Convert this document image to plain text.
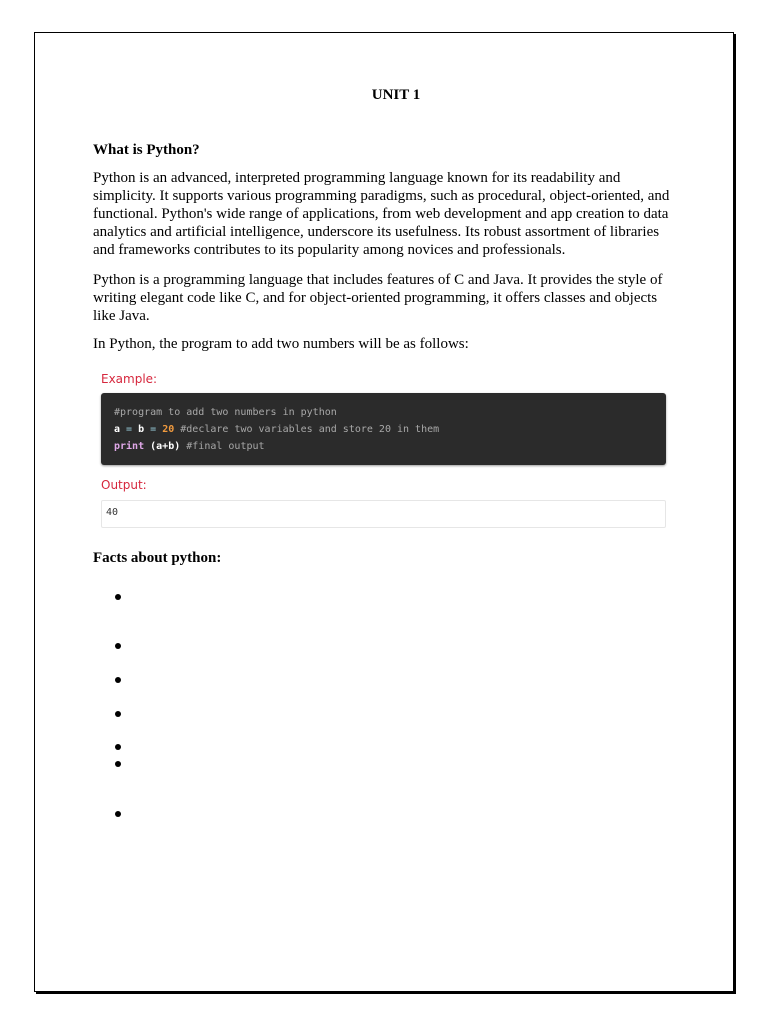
UNIT 1
What is Python?

Python is an advanced, interpreted programming language known for its readability and simplicity. It supports various programming paradigms, such as procedural, object-oriented, and functional. Python's wide range of applications, from web development and app creation to data analytics and artificial intelligence, underscore its usefulness. Its robust assortment of libraries and frameworks contributes to its popularity among novices and professionals.

Python is a programming language that includes features of C and Java. It provides the style of writing elegant code like C, and for object-oriented programming, it offers classes and objects like Java.

In Python, the program to add two numbers will be as follows:

Example:

#program to add two numbers in python
a = b = 20 #declare two variables and store 20 in them
print (a+b) #final output

Output:

40
Facts about python:
